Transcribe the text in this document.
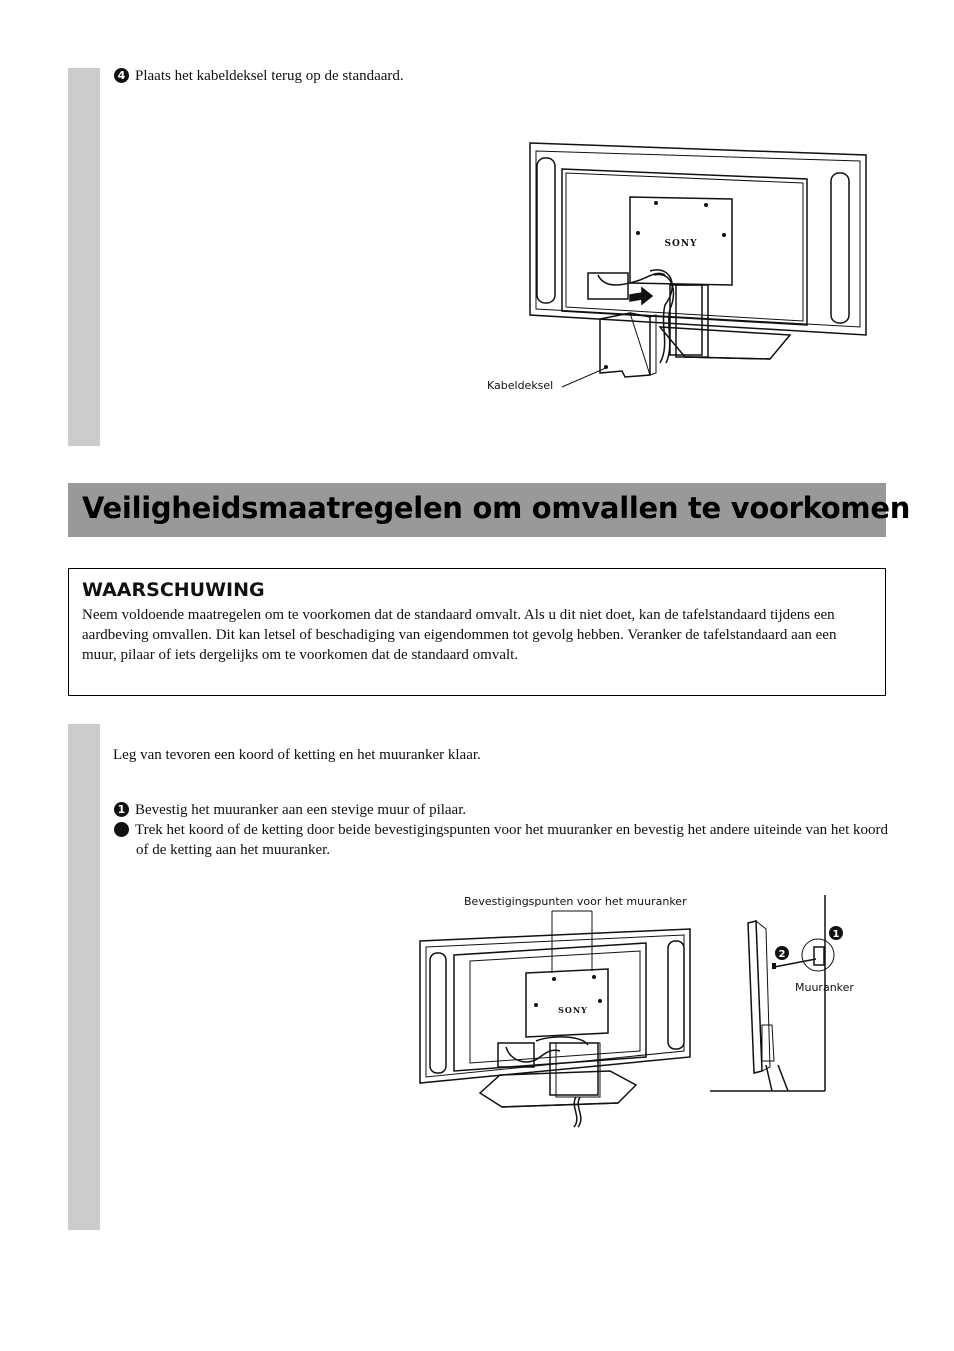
4 Plaats het kabeldeksel terug op de standaard.
SONY
Kabeldeksel
Veiligheidsmaatregelen om omvallen te voorkomen
WAARSCHUWING

Neem voldoende maatregelen om te voorkomen dat de standaard omvalt. Als u dit niet doet, kan de tafelstandaard tijdens een aardbeving omvallen. Dit kan letsel of beschadiging van eigendommen tot gevolg hebben. Veranker de tafelstandaard aan een muur, pilaar of iets dergelijks om te voorkomen dat de standaard omvalt.

Leg van tevoren een koord of ketting en het muuranker klaar.
1 Bevestig het muuranker aan een stevige muur of pilaar.
2 Trek het koord of de ketting door beide bevestigingspunten voor het muuranker en bevestig het andere uiteinde van het koord of de ketting aan het muuranker.
Bevestigingspunten voor het muuranker
SONY
1
2
Muuranker
